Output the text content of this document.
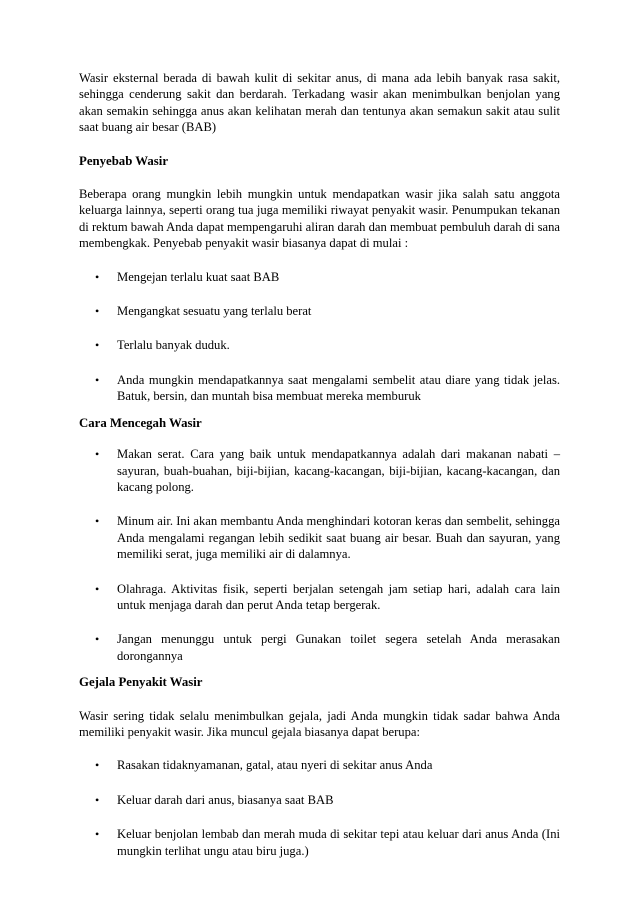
Wasir eksternal berada di bawah kulit di sekitar anus, di mana ada lebih banyak rasa sakit, sehingga cenderung sakit dan berdarah. Terkadang wasir akan menimbulkan benjolan yang akan semakin sehingga anus akan kelihatan merah dan tentunya akan semakun sakit atau sulit saat buang air besar (BAB)

Penyebab Wasir

Beberapa orang mungkin lebih mungkin untuk mendapatkan wasir jika salah satu anggota keluarga lainnya, seperti orang tua juga memiliki riwayat penyakit wasir. Penumpukan tekanan di rektum bawah Anda dapat mempengaruhi aliran darah dan membuat pembuluh darah di sana membengkak. Penyebab penyakit wasir biasanya dapat di mulai :

• Mengejan terlalu kuat saat BAB
• Mengangkat sesuatu yang terlalu berat
• Terlalu banyak duduk.
• Anda mungkin mendapatkannya saat mengalami sembelit atau diare yang tidak jelas. Batuk, bersin, dan muntah bisa membuat mereka memburuk
Cara Mencegah Wasir
• Makan serat. Cara yang baik untuk mendapatkannya adalah dari makanan nabati – sayuran, buah-buahan, biji-bijian, kacang-kacangan, biji-bijian, kacang-kacangan, dan kacang polong.
• Minum air. Ini akan membantu Anda menghindari kotoran keras dan sembelit, sehingga Anda mengalami regangan lebih sedikit saat buang air besar. Buah dan sayuran, yang memiliki serat, juga memiliki air di dalamnya.
• Olahraga. Aktivitas fisik, seperti berjalan setengah jam setiap hari, adalah cara lain untuk menjaga darah dan perut Anda tetap bergerak.
• Jangan menunggu untuk pergi Gunakan toilet segera setelah Anda merasakan dorongannya
Gejala Penyakit Wasir

Wasir sering tidak selalu menimbulkan gejala, jadi Anda mungkin tidak sadar bahwa Anda memiliki penyakit wasir. Jika muncul gejala biasanya dapat berupa:

• Rasakan tidaknyamanan, gatal, atau nyeri di sekitar anus Anda
• Keluar darah dari anus, biasanya saat BAB
• Keluar benjolan lembab dan merah muda di sekitar tepi atau keluar dari anus Anda (Ini mungkin terlihat ungu atau biru juga.)
